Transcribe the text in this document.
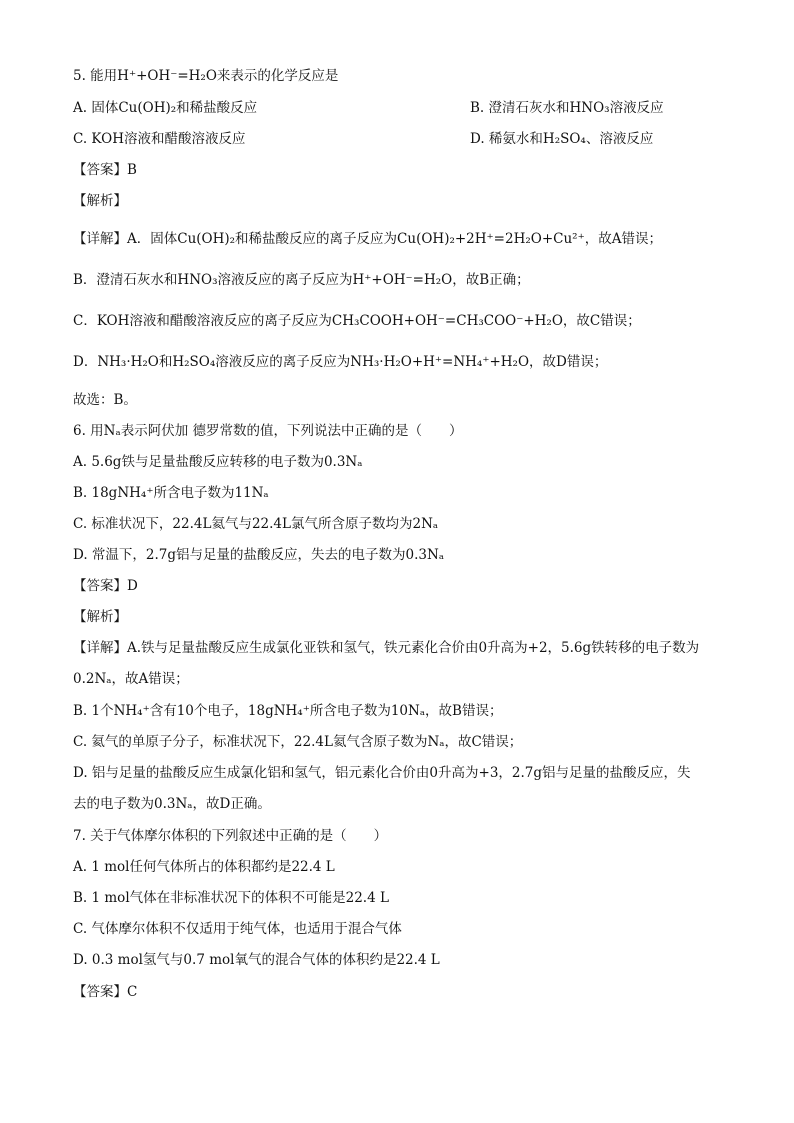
5. 能用H⁺+OH⁻=H₂O来表示的化学反应是
A. 固体Cu(OH)₂和稀盐酸反应	B. 澄清石灰水和HNO₃溶液反应
C. KOH溶液和醋酸溶液反应	D. 稀氨水和H₂SO₄、溶液反应
【答案】B
【解析】
【详解】A．固体Cu(OH)₂和稀盐酸反应的离子反应为Cu(OH)₂+2H⁺=2H₂O+Cu²⁺，故A错误；
B．澄清石灰水和HNO₃溶液反应的离子反应为H⁺+OH⁻=H₂O，故B正确；
C．KOH溶液和醋酸溶液反应的离子反应为CH₃COOH+OH⁻=CH₃COO⁻+H₂O，故C错误；
D．NH₃·H₂O和H₂SO₄溶液反应的离子反应为NH₃·H₂O+H⁺=NH₄⁺+H₂O，故D错误；
故选：B。
6. 用Nₐ表示阿伏加 德罗常数的值，下列说法中正确的是（　　）
A. 5.6g铁与足量盐酸反应转移的电子数为0.3Nₐ
B. 18gNH₄⁺所含电子数为11Nₐ
C. 标准状况下，22.4L氦气与22.4L氯气所含原子数均为2Nₐ
D. 常温下，2.7g铝与足量的盐酸反应，失去的电子数为0.3Nₐ
【答案】D
【解析】
【详解】A.铁与足量盐酸反应生成氯化亚铁和氢气，铁元素化合价由0升高为+2，5.6g铁转移的电子数为
0.2Nₐ，故A错误；
B. 1个NH₄⁺含有10个电子，18gNH₄⁺所含电子数为10Nₐ，故B错误；
C. 氦气的单原子分子，标准状况下，22.4L氦气含原子数为Nₐ，故C错误；
D. 铝与足量的盐酸反应生成氯化铝和氢气，铝元素化合价由0升高为+3，2.7g铝与足量的盐酸反应，失
去的电子数为0.3Nₐ，故D正确。
7. 关于气体摩尔体积的下列叙述中正确的是（　　）
A. 1 mol任何气体所占的体积都约是22.4 L
B. 1 mol气体在非标准状况下的体积不可能是22.4 L
C. 气体摩尔体积不仅适用于纯气体，也适用于混合气体
D. 0.3 mol氢气与0.7 mol氧气的混合气体的体积约是22.4 L
【答案】C
